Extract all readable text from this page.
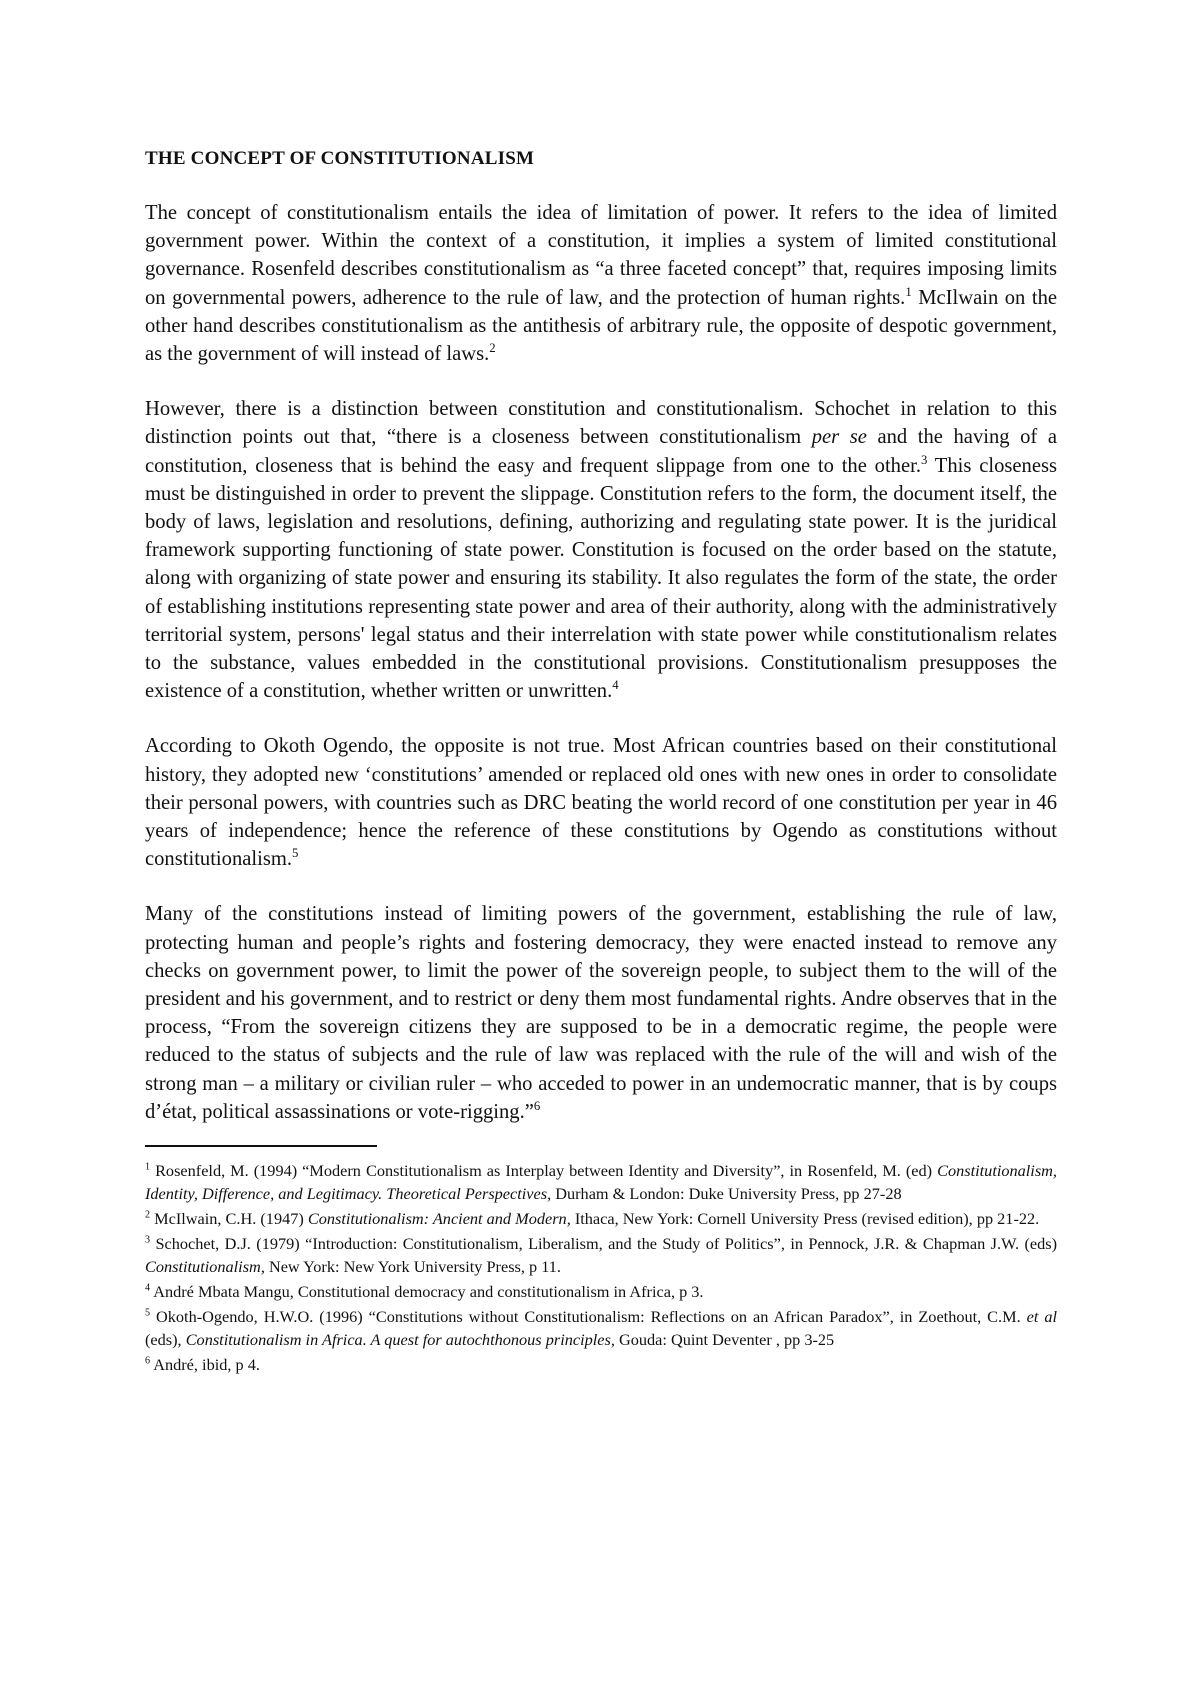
THE CONCEPT OF CONSTITUTIONALISM

The concept of constitutionalism entails the idea of limitation of power. It refers to the idea of limited government power. Within the context of a constitution, it implies a system of limited constitutional governance. Rosenfeld describes constitutionalism as “a three faceted concept” that, requires imposing limits on governmental powers, adherence to the rule of law, and the protection of human rights.$^1$ McIlwain on the other hand describes constitutionalism as the antithesis of arbitrary rule, the opposite of despotic government, as the government of will instead of laws.$^2$

However, there is a distinction between constitution and constitutionalism. Schochet in relation to this distinction points out that, “there is a closeness between constitutionalism per se and the having of a constitution, closeness that is behind the easy and frequent slippage from one to the other.$^3$ This closeness must be distinguished in order to prevent the slippage. Constitution refers to the form, the document itself, the body of laws, legislation and resolutions, defining, authorizing and regulating state power. It is the juridical framework supporting functioning of state power. Constitution is focused on the order based on the statute, along with organizing of state power and ensuring its stability. It also regulates the form of the state, the order of establishing institutions representing state power and area of their authority, along with the administratively territorial system, persons' legal status and their interrelation with state power while constitutionalism relates to the substance, values embedded in the constitutional provisions. Constitutionalism presupposes the existence of a constitution, whether written or unwritten.$^4$

According to Okoth Ogendo, the opposite is not true. Most African countries based on their constitutional history, they adopted new ‘constitutions’ amended or replaced old ones with new ones in order to consolidate their personal powers, with countries such as DRC beating the world record of one constitution per year in 46 years of independence; hence the reference of these constitutions by Ogendo as constitutions without constitutionalism.$^5$

Many of the constitutions instead of limiting powers of the government, establishing the rule of law, protecting human and people’s rights and fostering democracy, they were enacted instead to remove any checks on government power, to limit the power of the sovereign people, to subject them to the will of the president and his government, and to restrict or deny them most fundamental rights. Andre observes that in the process, “From the sovereign citizens they are supposed to be in a democratic regime, the people were reduced to the status of subjects and the rule of law was replaced with the rule of the will and wish of the strong man – a military or civilian ruler – who acceded to power in an undemocratic manner, that is by coups d’état, political assassinations or vote-rigging.”$^6$

$^1$ Rosenfeld, M. (1994) “Modern Constitutionalism as Interplay between Identity and Diversity”, in Rosenfeld, M. (ed) Constitutionalism, Identity, Difference, and Legitimacy. Theoretical Perspectives, Durham & London: Duke University Press, pp 27-28
$^2$ McIlwain, C.H. (1947) Constitutionalism: Ancient and Modern, Ithaca, New York: Cornell University Press (revised edition), pp 21-22.
$^3$ Schochet, D.J. (1979) “Introduction: Constitutionalism, Liberalism, and the Study of Politics”, in Pennock, J.R. & Chapman J.W. (eds) Constitutionalism, New York: New York University Press, p 11.
$^4$ André Mbata Mangu, Constitutional democracy and constitutionalism in Africa, p 3.
$^5$ Okoth-Ogendo, H.W.O. (1996) “Constitutions without Constitutionalism: Reflections on an African Paradox”, in Zoethout, C.M. et al (eds), Constitutionalism in Africa. A quest for autochthonous principles, Gouda: Quint Deventer , pp 3-25
$^6$ André, ibid, p 4.
